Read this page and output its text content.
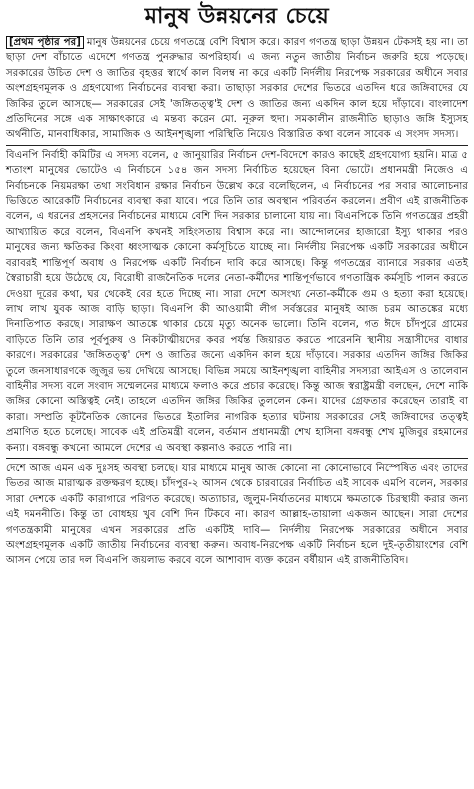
মানুষ উন্নয়নের চেয়ে

[প্রথম পৃষ্ঠার পর] মানুষ উন্নয়নের চেয়ে গণতন্ত্রে বেশি বিশ্বাস করে। কারণ গণতন্ত্র ছাড়া উন্নয়ন টেকসই হয় না। তা ছাড়া দেশ বাঁচাতে এদেশে গণতন্ত্র পুনরুদ্ধার অপরিহার্য। এ জন্য নতুন জাতীয় নির্বাচন জরুরি হয়ে পড়েছে। সরকারের উচিত দেশ ও জাতির বৃহত্তর স্বার্থে কাল বিলম্ব না করে একটি নির্দলীয় নিরপেক্ষ সরকারের অধীনে সবার অংশগ্রহণমূলক ও গ্রহণযোগ্য নির্বাচনের ব্যবস্থা করা। তাছাড়া সরকার দেশের ভিতরে এতদিন ধরে জঙ্গিবাদের যে জিকির তুলে আসছে— সরকারের সেই 'জঙ্গিতত্ত্ব'ই দেশ ও জাতির জন্য একদিন কাল হয়ে দাঁড়াবে। বাংলাদেশ প্রতিদিনের সঙ্গে এক সাক্ষাৎকারে এ মন্তব্য করেন মো. নূরুল হুদা। সমকালীন রাজনীতি ছাড়াও জঙ্গি ইস্যুসহ অর্থনীতি, মানবাধিকার, সামাজিক ও আইনশৃঙ্খলা পরিস্থিতি নিয়েও বিস্তারিত কথা বলেন সাবেক এ সংসদ সদস্য।

বিএনপি নির্বাহী কমিটির এ সদস্য বলেন, ৫ জানুয়ারির নির্বাচন দেশ-বিদেশে কারও কাছেই গ্রহণযোগ্য হয়নি। মাত্র ৫ শতাংশ মানুষের ভোটেও এ নির্বাচনে ১৫৪ জন সদস্য নির্বাচিত হয়েছেন বিনা ভোটে। প্রধানমন্ত্রী নিজেও এ নির্বাচনকে নিয়মরক্ষা তথা সংবিধান রক্ষার নির্বাচন উল্লেখ করে বলেছিলেন, এ নির্বাচনের পর সবার আলোচনার ভিত্তিতে আরেকটি নির্বাচনের ব্যবস্থা করা যাবে। পরে তিনি তার অবস্থান পরিবর্তন করলেন। প্রবীণ এই রাজনীতিক বলেন, এ ধরনের প্রহসনের নির্বাচনের মাধ্যমে বেশি দিন সরকার চালানো যায় না। বিএনপিকে তিনি গণতন্ত্রের প্রহরী আখ্যায়িত করে বলেন, বিএনপি কখনই সহিংসতায় বিশ্বাস করে না। আন্দোলনের হাজারো ইস্যু থাকার পরও মানুষের জন্য ক্ষতিকর কিংবা ধ্বংসাত্মক কোনো কর্মসূচিতে যাচ্ছে না। নির্দলীয় নিরপেক্ষ একটি সরকারের অধীনে বরাবরই শান্তিপূর্ণ অবাধ ও নিরপেক্ষ একটি নির্বাচন দাবি করে আসছে। কিন্তু গণতন্ত্রের ব্যানারে সরকার এতই স্বৈরাচারী হয়ে উঠেছে যে, বিরোধী রাজনৈতিক দলের নেতা-কর্মীদের শান্তিপূর্ণভাবে গণতান্ত্রিক কর্মসূচি পালন করতে দেওয়া দূরের কথা, ঘর থেকেই বের হতে দিচ্ছে না। সারা দেশে অসংখ্য নেতা-কর্মীকে গুম ও হত্যা করা হয়েছে। লাখ লাখ যুবক আজ বাড়ি ছাড়া। বিএনপি কী আওয়ামী লীগ সর্বস্তরের মানুষই আজ চরম আতঙ্কের মধ্যে দিনাতিপাত করছে। সারাক্ষণ আতঙ্কে থাকার চেয়ে মৃত্যু অনেক ভালো। তিনি বলেন, গত ঈদে চাঁদপুরে গ্রামের বাড়িতে তিনি তার পূর্বপুরুষ ও নিকটাত্মীয়দের কবর পর্যন্ত জিয়ারত করতে পারেননি স্থানীয় সন্ত্রাসীদের বাধার কারণে। সরকারের 'জঙ্গিতত্ত্ব' দেশ ও জাতির জন্যে একদিন কাল হয়ে দাঁড়াবে। সরকার এতদিন জঙ্গির জিকির তুলে জনসাধারণকে জুজুর ভয় দেখিয়ে আসছে। বিভিন্ন সময়ে আইনশৃঙ্খলা বাহিনীর সদস্যরা আইএস ও তালেবান বাহিনীর সদস্য বলে সংবাদ সম্মেলনের মাধ্যমে ফলাও করে প্রচার করেছে। কিন্তু আজ স্বরাষ্ট্রমন্ত্রী বলছেন, দেশে নাকি জঙ্গির কোনো অস্তিত্বই নেই। তাহলে এতদিন জঙ্গির জিকির তুললেন কেন। যাদের গ্রেফতার করেছেন তারাই বা কারা। সম্প্রতি কূটনৈতিক জোনের ভিতরে ইতালির নাগরিক হত্যার ঘটনায় সরকারের সেই জঙ্গিবাদের তত্ত্বই প্রমাণিত হতে চলেছে। সাবেক এই প্রতিমন্ত্রী বলেন, বর্তমান প্রধানমন্ত্রী শেখ হাসিনা বঙ্গবন্ধু শেখ মুজিবুর রহমানের কন্যা। বঙ্গবন্ধু কখনো আমলে দেশের এ অবস্থা কল্পনাও করতে পারি না।

দেশে আজ এমন এক দুঃসহ অবস্থা চলছে। যার মাধ্যমে মানুষ আজ কোনো না কোনোভাবে নিস্পেষিত এবং তাদের ভিতর আজ মারাত্মক রক্তক্ষরণ হচ্ছে। চাঁদপুর-২ আসন থেকে চারবারের নির্বাচিত এই সাবেক এমপি বলেন, সরকার সারা দেশকে একটি কারাগারে পরিণত করেছে। অত্যাচার, জুলুম-নির্যাতনের মাধ্যমে ক্ষমতাকে চিরস্থায়ী করার জন্য এই দমননীতি। কিন্তু তা বোধহয় খুব বেশি দিন টিকবে না। কারণ আল্লাহ-তায়ালা একজন আছেন। সারা দেশের গণতন্ত্রকামী মানুষের এখন সরকারের প্রতি একটিই দাবি— নির্দলীয় নিরপেক্ষ সরকারের অধীনে সবার অংশগ্রহণমূলক একটি জাতীয় নির্বাচনের ব্যবস্থা করুন। অবাধ-নিরপেক্ষ একটি নির্বাচন হলে দুই-তৃতীয়াংশের বেশি আসন পেয়ে তার দল বিএনপি জয়লাভ করবে বলে আশাবাদ ব্যক্ত করেন বর্ষীয়ান এই রাজনীতিবিদ।
